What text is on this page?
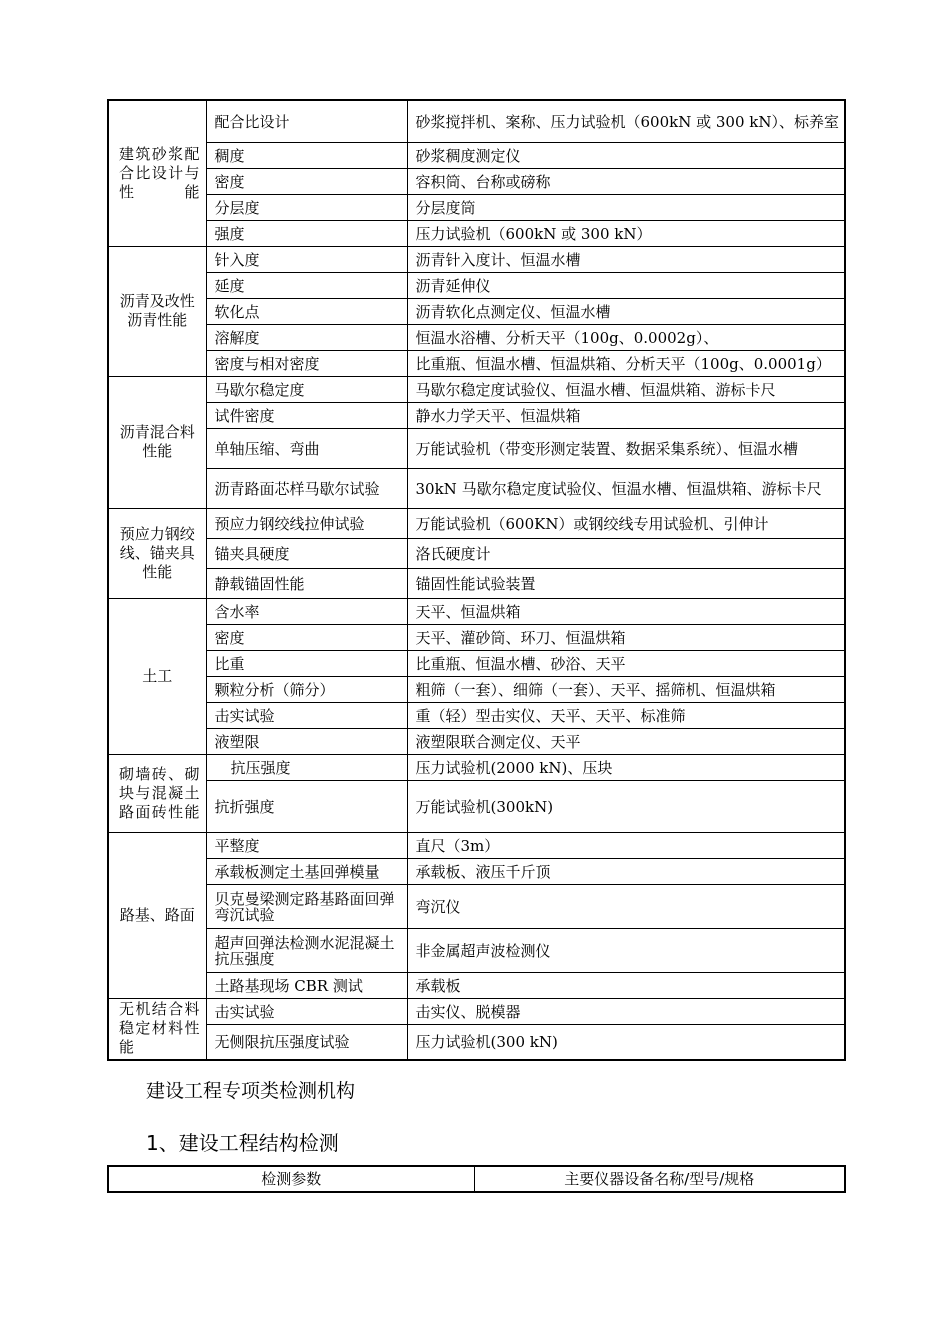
建筑砂浆配合比设计与性能	配合比设计	砂浆搅拌机、案称、压力试验机（600kN 或 300 kN）、标养室
	稠度	砂浆稠度测定仪
	密度	容积筒、台称或磅称
	分层度	分层度筒
	强度	压力试验机（600kN 或 300 kN）
沥青及改性沥青性能	针入度	沥青针入度计、恒温水槽
	延度	沥青延伸仪
	软化点	沥青软化点测定仪、恒温水槽
	溶解度	恒温水浴槽、分析天平（100g、0.0002g）、
	密度与相对密度	比重瓶、恒温水槽、恒温烘箱、分析天平（100g、0.0001g）
沥青混合料性能	马歇尔稳定度	马歇尔稳定度试验仪、恒温水槽、恒温烘箱、游标卡尺
	试件密度	静水力学天平、恒温烘箱
	单轴压缩、弯曲	万能试验机（带变形测定装置、数据采集系统）、恒温水槽
	沥青路面芯样马歇尔试验	30kN 马歇尔稳定度试验仪、恒温水槽、恒温烘箱、游标卡尺
预应力钢绞线、锚夹具性能	预应力钢绞线拉伸试验	万能试验机（600KN）或钢绞线专用试验机、引伸计
	锚夹具硬度	洛氏硬度计
	静载锚固性能	锚固性能试验装置
土工	含水率	天平、恒温烘箱
	密度	天平、灌砂筒、环刀、恒温烘箱
	比重	比重瓶、恒温水槽、砂浴、天平
	颗粒分析（筛分）	粗筛（一套）、细筛（一套）、天平、摇筛机、恒温烘箱
	击实试验	重（轻）型击实仪、天平、天平、标准筛
	液塑限	液塑限联合测定仪、天平
砌墙砖、砌块与混凝土路面砖性能	抗压强度	压力试验机(2000 kN)、压块
	抗折强度	万能试验机(300kN)
路基、路面	平整度	直尺（3m）
	承载板测定土基回弹模量	承载板、液压千斤顶
	贝克曼梁测定路基路面回弹弯沉试验	弯沉仪
	超声回弹法检测水泥混凝土抗压强度	非金属超声波检测仪
	土路基现场 CBR 测试	承载板
无机结合料稳定材料性能	击实试验	击实仪、脱模器
	无侧限抗压强度试验	压力试验机(300 kN)
建设工程专项类检测机构
1、建设工程结构检测
检测参数	主要仪器设备名称/型号/规格
